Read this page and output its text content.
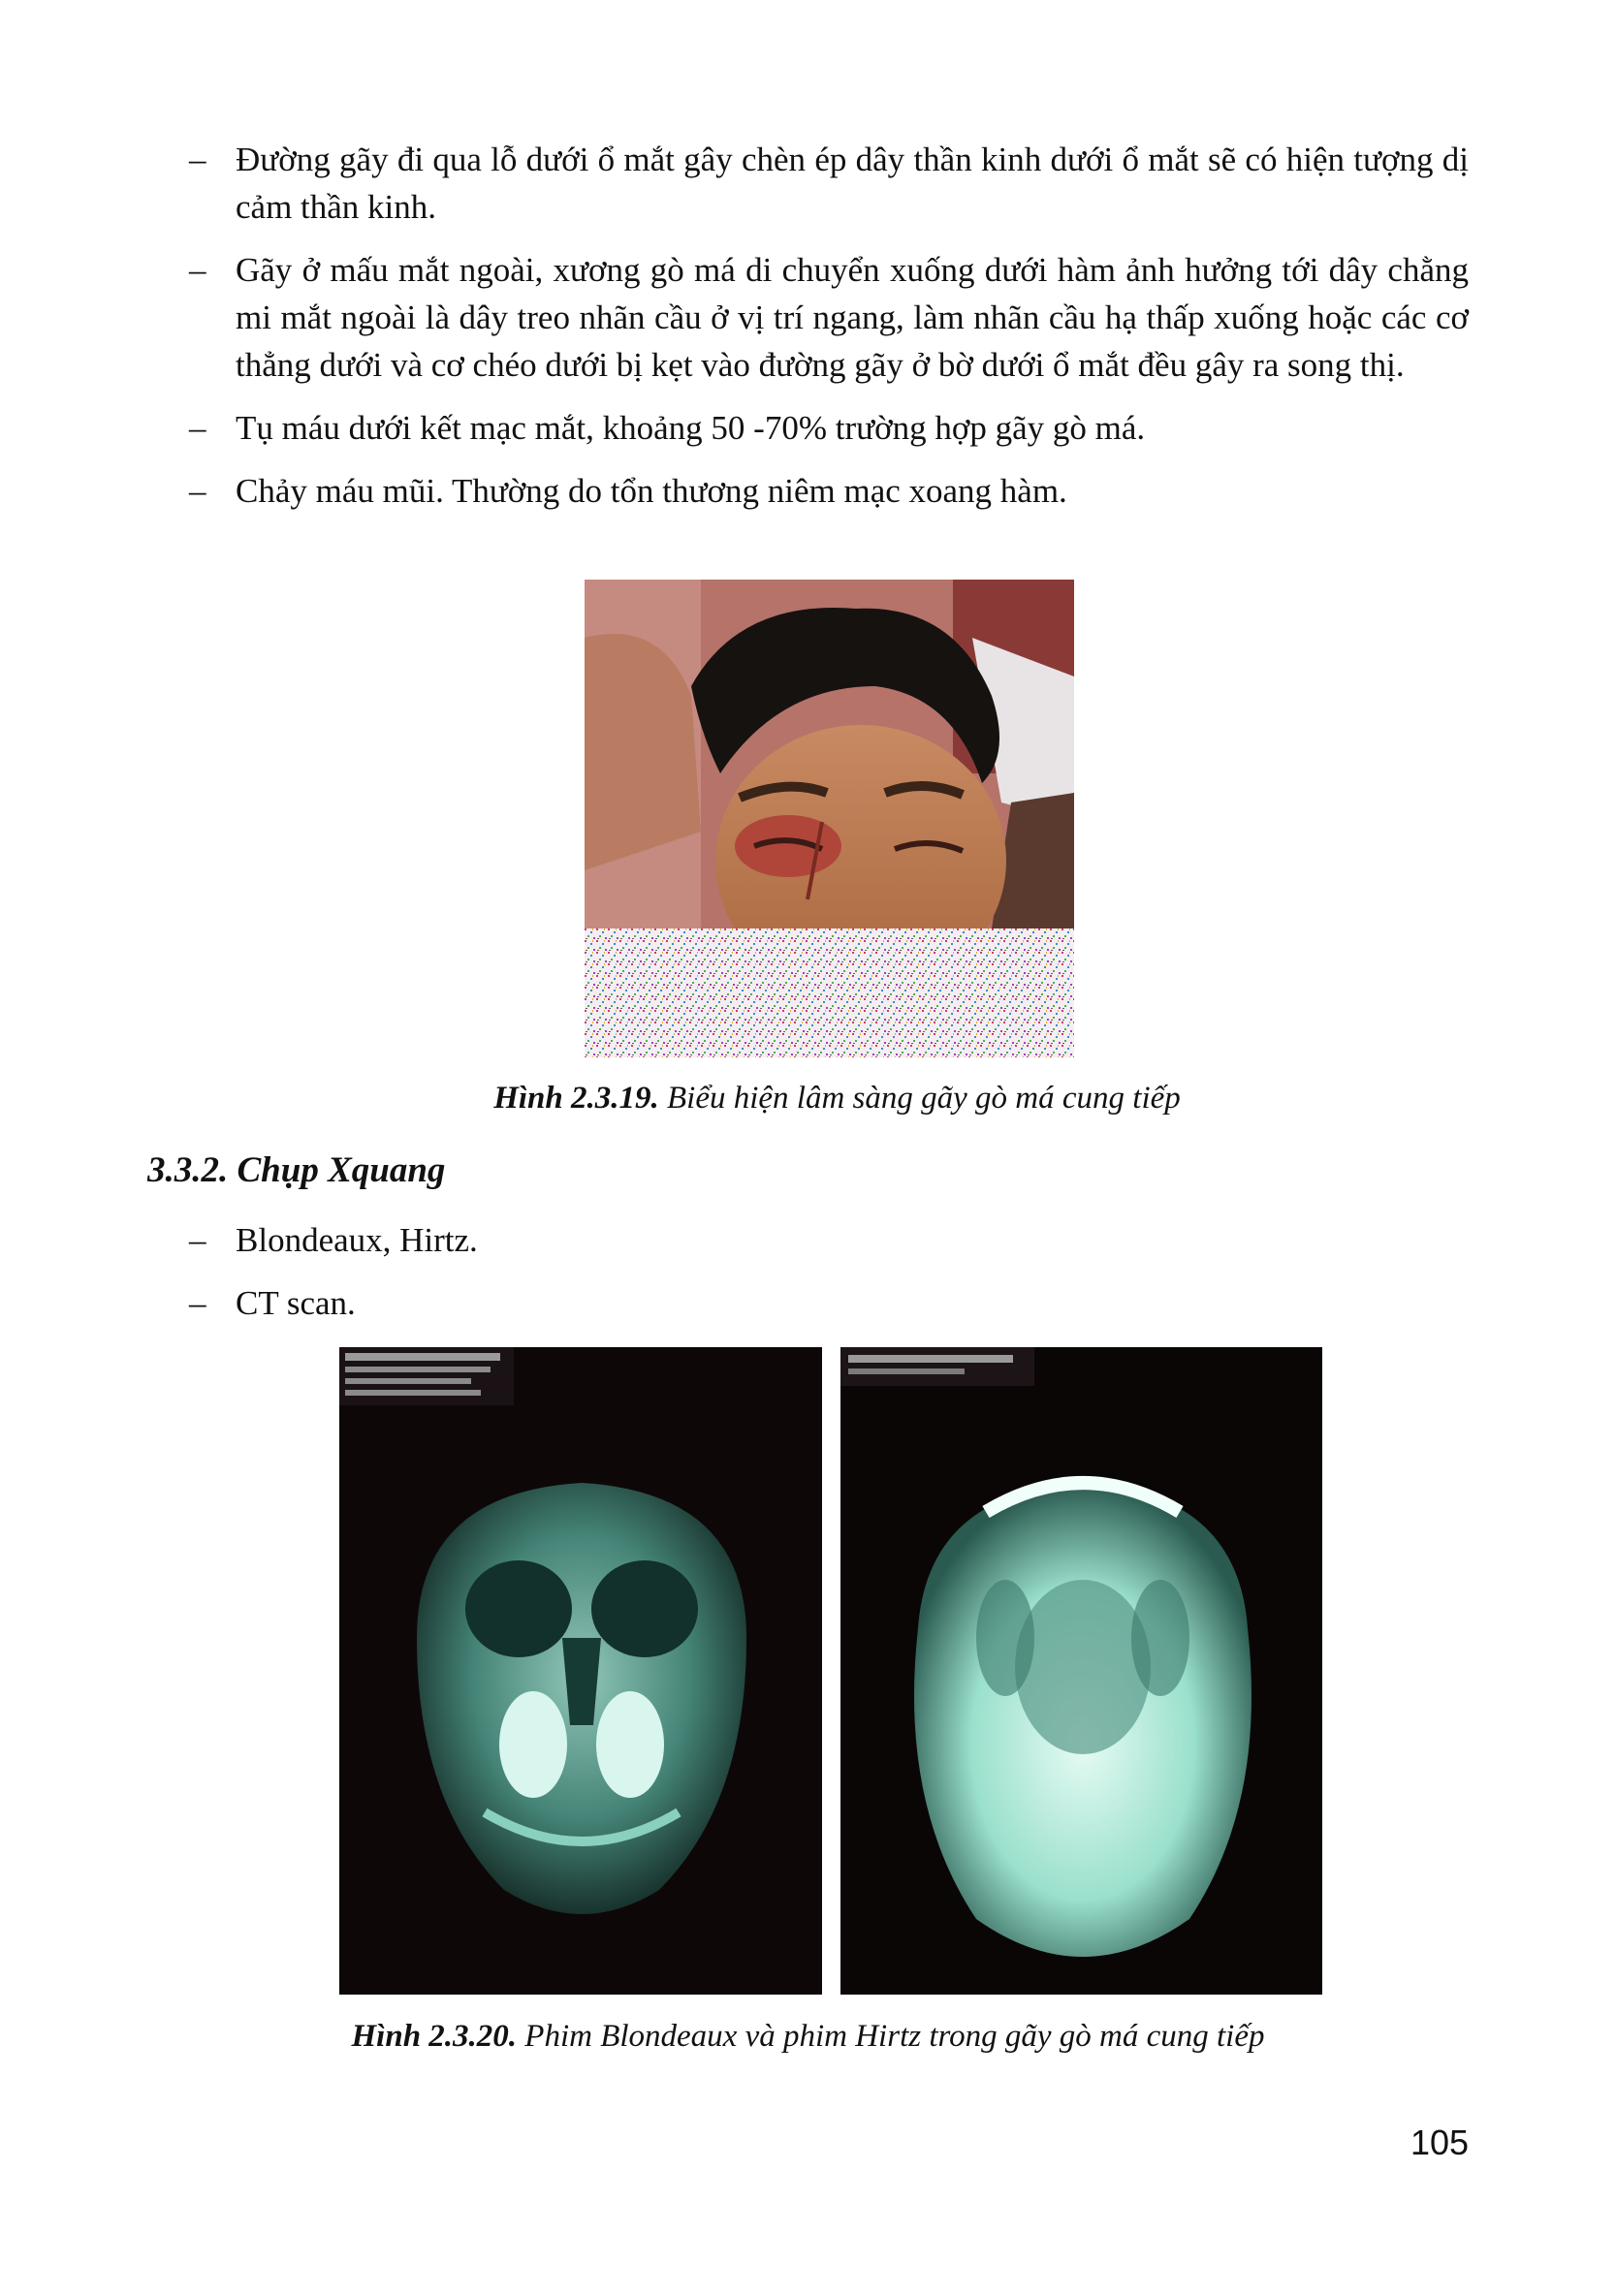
– Đường gãy đi qua lỗ dưới ổ mắt gây chèn ép dây thần kinh dưới ổ mắt sẽ có hiện tượng dị cảm thần kinh.
– Gãy ở mấu mắt ngoài, xương gò má di chuyển xuống dưới hàm ảnh hưởng tới dây chằng mi mắt ngoài là dây treo nhãn cầu ở vị trí ngang, làm nhãn cầu hạ thấp xuống hoặc các cơ thẳng dưới và cơ chéo dưới bị kẹt vào đường gãy ở bờ dưới ổ mắt đều gây ra song thị.
– Tụ máu dưới kết mạc mắt, khoảng 50 -70% trường hợp gãy gò má.
– Chảy máu mũi. Thường do tổn thương niêm mạc xoang hàm.
Hình 2.3.19. Biểu hiện lâm sàng gãy gò má cung tiếp
3.3.2. Chụp Xquang
– Blondeaux, Hirtz.
– CT scan.
Hình 2.3.20. Phim Blondeaux và phim Hirtz trong gãy gò má cung tiếp
105
